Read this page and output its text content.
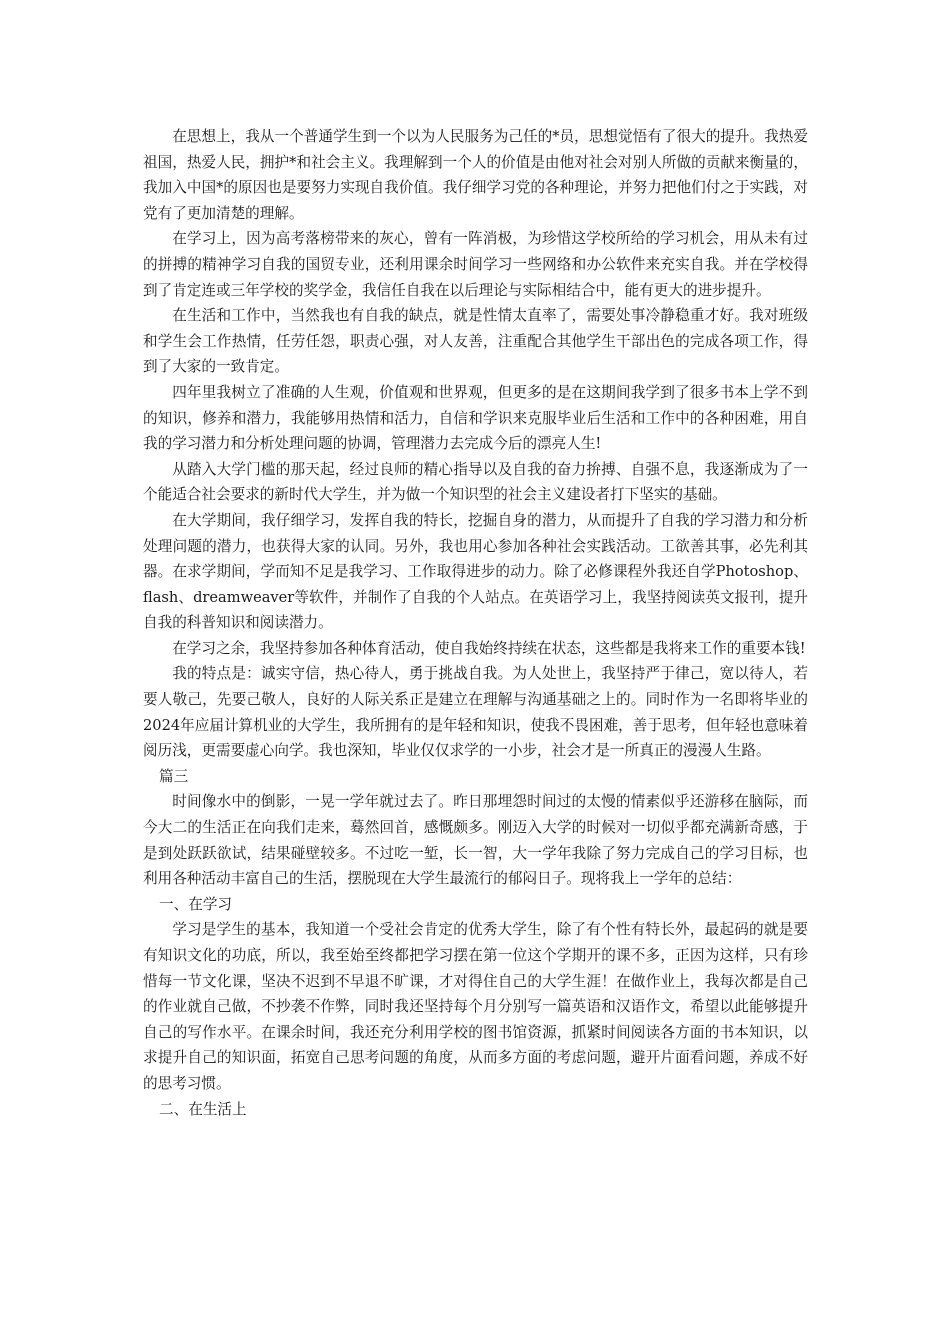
在思想上，我从一个普通学生到一个以为人民服务为己任的*员，思想觉悟有了很大的提升。我热爱祖国，热爱人民，拥护*和社会主义。我理解到一个人的价值是由他对社会对别人所做的贡献来衡量的，我加入中国*的原因也是要努力实现自我价值。我仔细学习党的各种理论，并努力把他们付之于实践，对党有了更加清楚的理解。

在学习上，因为高考落榜带来的灰心，曾有一阵消极，为珍惜这学校所给的学习机会，用从未有过的拼搏的精神学习自我的国贸专业，还利用课余时间学习一些网络和办公软件来充实自我。并在学校得到了肯定连或三年学校的奖学金，我信任自我在以后理论与实际相结合中，能有更大的进步提升。

在生活和工作中，当然我也有自我的缺点，就是性情太直率了，需要处事冷静稳重才好。我对班级和学生会工作热情，任劳任怨，职责心强，对人友善，注重配合其他学生干部出色的完成各项工作，得到了大家的一致肯定。

四年里我树立了准确的人生观，价值观和世界观，但更多的是在这期间我学到了很多书本上学不到的知识，修养和潜力，我能够用热情和活力，自信和学识来克服毕业后生活和工作中的各种困难，用自我的学习潜力和分析处理问题的协调，管理潜力去完成今后的漂亮人生!

从踏入大学门槛的那天起，经过良师的精心指导以及自我的奋力拚搏、自强不息，我逐渐成为了一个能适合社会要求的新时代大学生，并为做一个知识型的社会主义建设者打下坚实的基础。

在大学期间，我仔细学习，发挥自我的特长，挖掘自身的潜力，从而提升了自我的学习潜力和分析处理问题的潜力，也获得大家的认同。另外，我也用心参加各种社会实践活动。工欲善其事，必先利其器。在求学期间，学而知不足是我学习、工作取得进步的动力。除了必修课程外我还自学Photoshop、flash、dreamweaver等软件，并制作了自我的个人站点。在英语学习上，我坚持阅读英文报刊，提升自我的科普知识和阅读潜力。

在学习之余，我坚持参加各种体育活动，使自我始终持续在状态，这些都是我将来工作的重要本钱!

我的特点是：诚实守信，热心待人，勇于挑战自我。为人处世上，我坚持严于律己，宽以待人，若要人敬己，先要己敬人，良好的人际关系正是建立在理解与沟通基础之上的。同时作为一名即将毕业的2024年应届计算机业的大学生，我所拥有的是年轻和知识，使我不畏困难，善于思考，但年轻也意味着阅历浅，更需要虚心向学。我也深知，毕业仅仅求学的一小步，社会才是一所真正的漫漫人生路。

篇三

时间像水中的倒影，一晃一学年就过去了。昨日那埋怨时间过的太慢的情素似乎还游移在脑际，而今大二的生活正在向我们走来，蓦然回首，感慨颇多。刚迈入大学的时候对一切似乎都充满新奇感，于是到处跃跃欲试，结果碰壁较多。不过吃一堑，长一智，大一学年我除了努力完成自己的学习目标，也利用各种活动丰富自己的生活，摆脱现在大学生最流行的郁闷日子。现将我上一学年的总结：

一、在学习

学习是学生的基本，我知道一个受社会肯定的优秀大学生，除了有个性有特长外，最起码的就是要有知识文化的功底，所以，我至始至终都把学习摆在第一位这个学期开的课不多，正因为这样，只有珍惜每一节文化课，坚决不迟到不早退不旷课，才对得住自己的大学生涯！在做作业上，我每次都是自己的作业就自己做，不抄袭不作弊，同时我还坚持每个月分别写一篇英语和汉语作文，希望以此能够提升自己的写作水平。在课余时间，我还充分利用学校的图书馆资源，抓紧时间阅读各方面的书本知识，以求提升自己的知识面，拓宽自己思考问题的角度，从而多方面的考虑问题，避开片面看问题，养成不好的思考习惯。

二、在生活上
